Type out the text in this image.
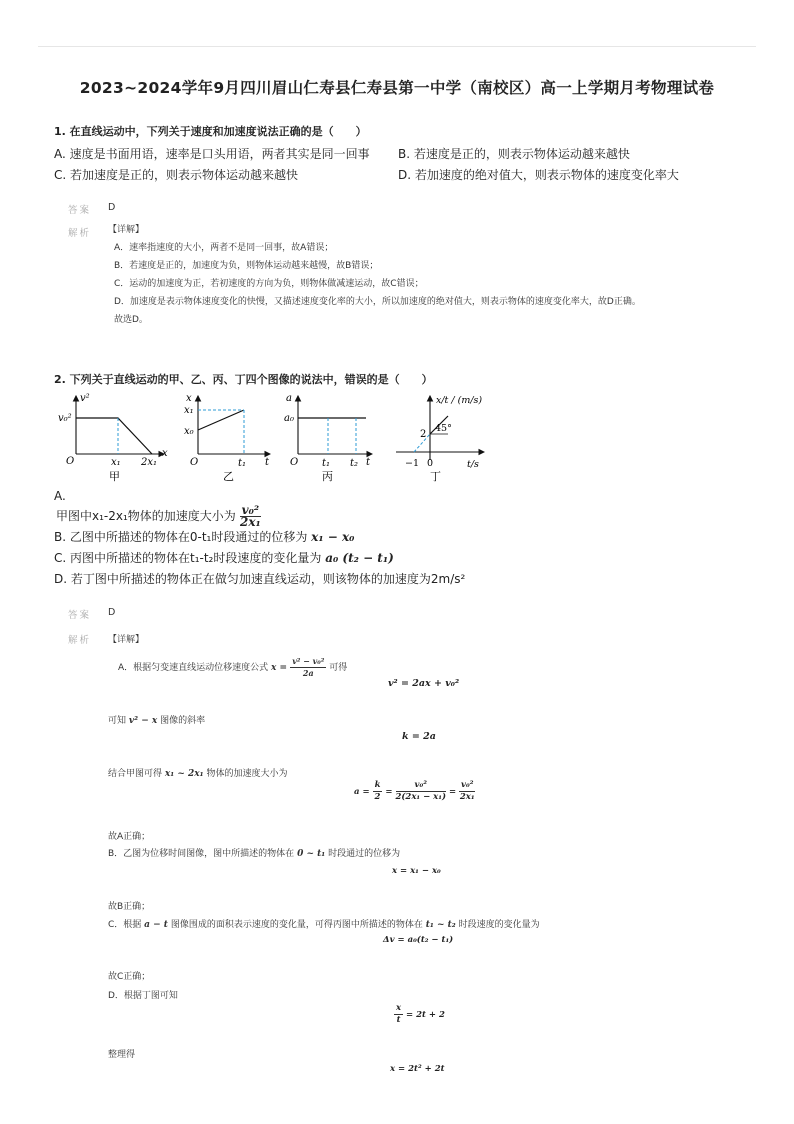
2023~2024学年9月四川眉山仁寿县仁寿县第一中学（南校区）高一上学期月考物理试卷
1. 在直线运动中，下列关于速度和加速度说法正确的是（　　）
A. 速度是书面用语，速率是口头用语，两者其实是同一回事 B. 若速度是正的，则表示物体运动越来越快
C. 若加速度是正的，则表示物体运动越来越快	D. 若加速度的绝对值大，则表示物体的速度变化率大
答案 D
解析 【详解】
A．速率指速度的大小，两者不是同一回事，故A错误；
B．若速度是正的，加速度为负，则物体运动越来越慢，故B错误；
C．运动的加速度为正，若初速度的方向为负，则物体做减速运动，故C错误；
D．加速度是表示物体速度变化的快慢，又描述速度变化率的大小，所以加速度的绝对值大，则表示物体的速度变化率大，故D正确。
故选D。
2. 下列关于直线运动的甲、乙、丙、丁四个图像的说法中，错误的是（　　）
v²
v₀²
O	x₁ 2x₁
x
甲
x
x₁
x₀
O	t₁ t
乙
a
a₀
O t₁ t₂ t
丙
x/t / (m/s)
2
45°
−1 0	t/s
丁
A.
甲图中x₁-2x₁物体的加速度大小为 $\frac{\text{v₀²}}{\text{2x₁}}$
B. 乙图中所描述的物体在0-t₁时段通过的位移为 x₁ − x₀
C. 丙图中所描述的物体在t₁-t₂时段速度的变化量为 a₀ (t₂ − t₁)
D. 若丁图中所描述的物体正在做匀加速直线运动，则该物体的加速度为2m/s²
答案 D
解析 【详解】
A．根据匀变速直线运动位移速度公式 $x = \frac{\text{v² − v₀²}}{2a}$ 可得
v² = 2ax + v₀²
可知 v² − x 图像的斜率
k = 2a
结合甲图可得 x₁ ~ 2x₁ 物体的加速度大小为
$a = \frac{k}{2} = \frac{\text{v₀²}}{\text{2(2x₁ − x₁)}} = \frac{\text{v₀²}}{\text{2x₁}}$
故A正确；
B．乙图为位移时间图像，图中所描述的物体在 0 ~ t₁ 时段通过的位移为
x = x₁ − x₀
故B正确；
C．根据 a − t 图像围成的面积表示速度的变化量，可得丙图中所描述的物体在 t₁ ~ t₂ 时段速度的变化量为
Δv = a₀(t₂ − t₁)
故C正确；
D．根据丁图可知
$\frac{x}{t} = 2t + 2$
整理得
x = 2t² + 2t
